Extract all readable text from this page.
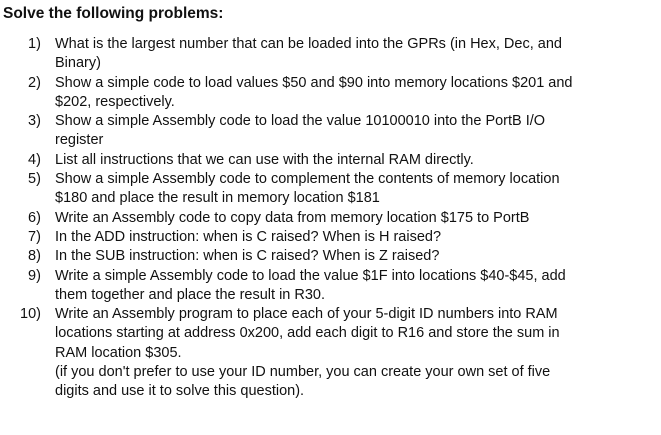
Solve the following problems:
1) What is the largest number that can be loaded into the GPRs (in Hex, Dec, and
Binary)
2) Show a simple code to load values $50 and $90 into memory locations $201 and
$202, respectively.
3) Show a simple Assembly code to load the value 10100010 into the PortB I/O
register
4) List all instructions that we can use with the internal RAM directly.
5) Show a simple Assembly code to complement the contents of memory location
$180 and place the result in memory location $181
6) Write an Assembly code to copy data from memory location $175 to PortB
7) In the ADD instruction: when is C raised? When is H raised?
8) In the SUB instruction: when is C raised? When is Z raised?
9) Write a simple Assembly code to load the value $1F into locations $40-$45, add
them together and place the result in R30.
10) Write an Assembly program to place each of your 5-digit ID numbers into RAM
locations starting at address 0x200, add each digit to R16 and store the sum in
RAM location $305.
(if you don't prefer to use your ID number, you can create your own set of five
digits and use it to solve this question).
